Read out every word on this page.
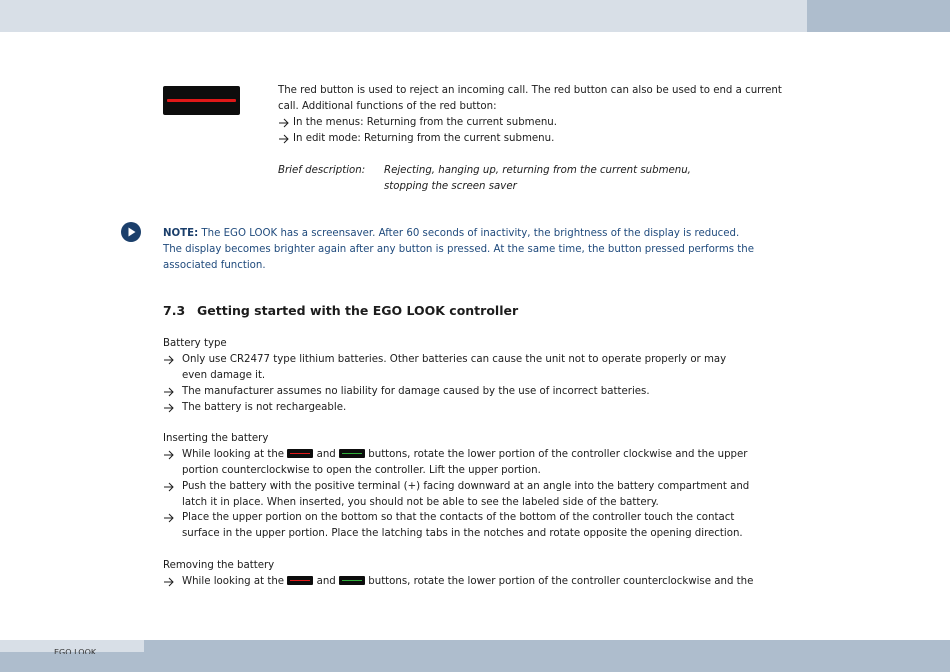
The red button is used to reject an incoming call. The red button can also be used to end a current
call. Additional functions of the red button:
In the menus: Returning from the current submenu.
In edit mode: Returning from the current submenu.
Brief description: Rejecting, hanging up, returning from the current submenu,
stopping the screen saver
NOTE: The EGO LOOK has a screensaver. After 60 seconds of inactivity, the brightness of the display is reduced.
The display becomes brighter again after any button is pressed. At the same time, the button pressed performs the
associated function.
7.3 Getting started with the EGO LOOK controller
Battery type
Only use CR2477 type lithium batteries. Other batteries can cause the unit not to operate properly or may
even damage it.
The manufacturer assumes no liability for damage caused by the use of incorrect batteries.
The battery is not rechargeable.
Inserting the battery
While looking at the	and	buttons, rotate the lower portion of the controller clockwise and the upper
portion counterclockwise to open the controller. Lift the upper portion.
Push the battery with the positive terminal (+) facing downward at an angle into the battery compartment and
latch it in place. When inserted, you should not be able to see the labeled side of the battery.
Place the upper portion on the bottom so that the contacts of the bottom of the controller touch the contact
surface in the upper portion. Place the latching tabs in the notches and rotate opposite the opening direction.
Removing the battery
While looking at the	and	buttons, rotate the lower portion of the controller counterclockwise and the
EGO LOOK
